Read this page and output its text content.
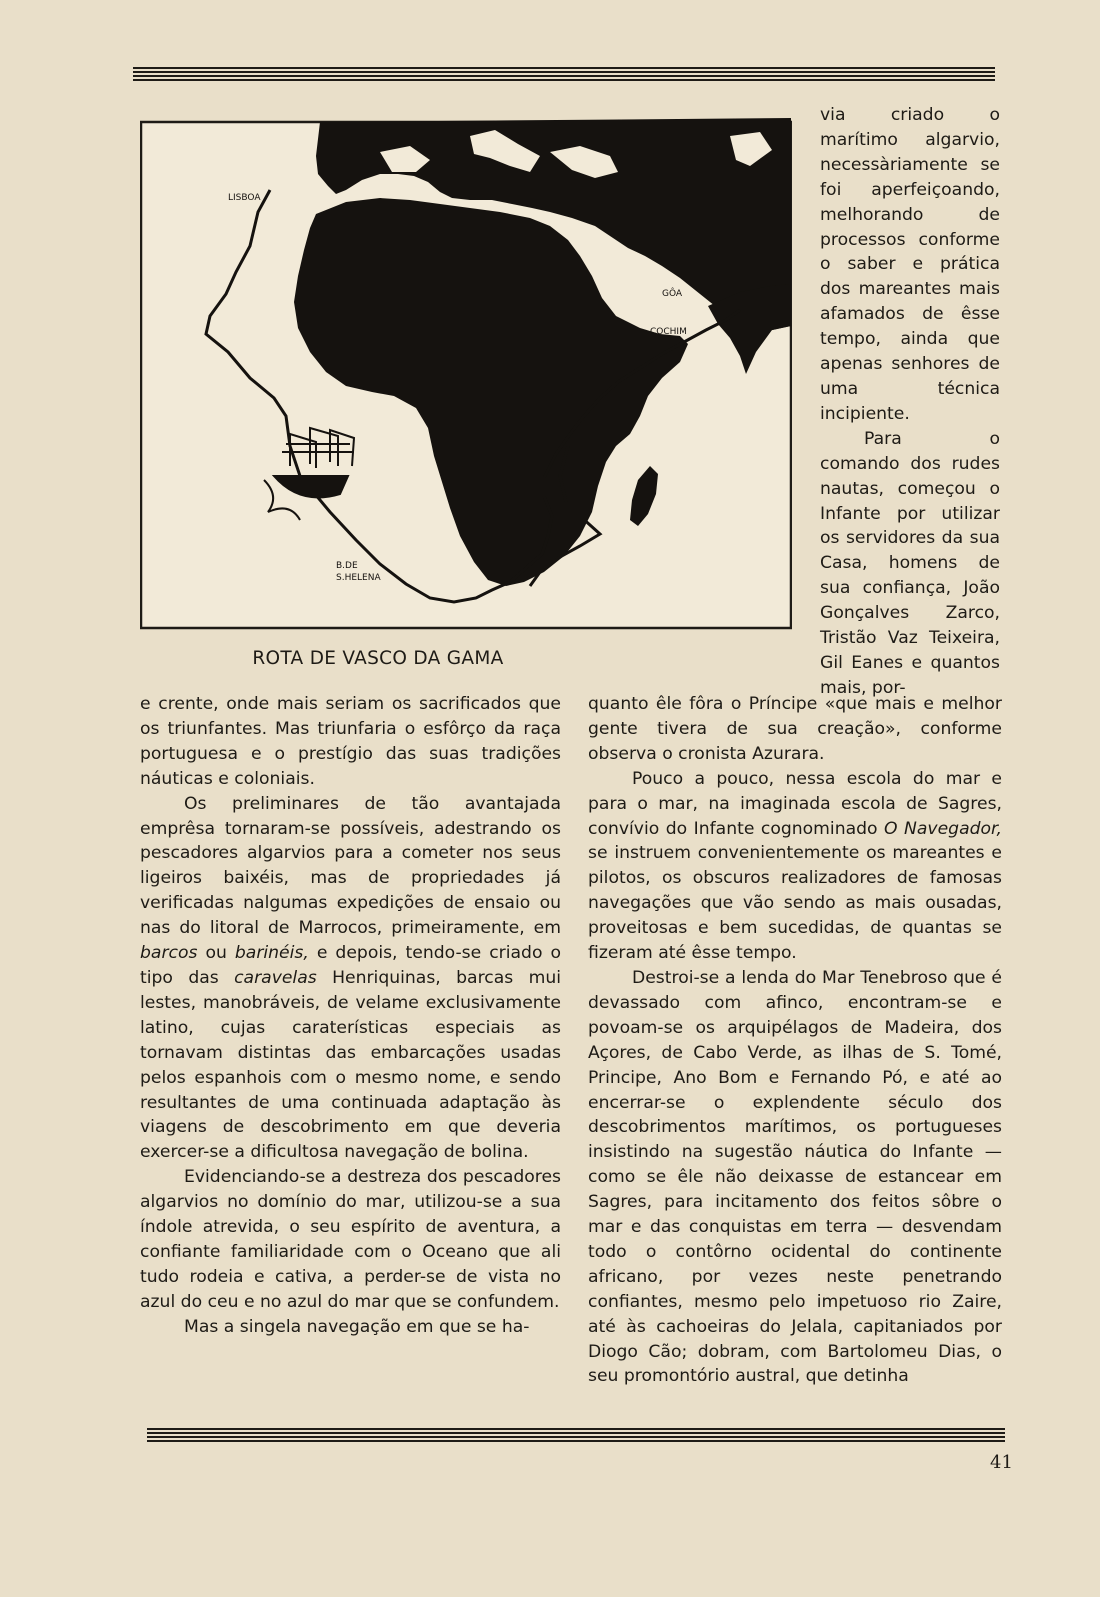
LISBOA
GÔA
COCHIM
B.DE
S.HELENA
ROTA DE VASCO DA GAMA

via criado o marítimo algarvio, necessàriamente se foi aperfeiçoando, melhorando de processos conforme o saber e prática dos mareantes mais afamados de êsse tempo, ainda que apenas senhores de uma técnica incipiente.

Para o comando dos rudes nautas, começou o Infante por utilizar os servidores da sua Casa, homens de sua confiança, João Gonçalves Zarco, Tristão Vaz Teixeira, Gil Eanes e quantos mais, por-

e crente, onde mais seriam os sacrificados que os triunfantes. Mas triunfaria o esfôrço da raça portuguesa e o prestígio das suas tradições náuticas e coloniais.

Os preliminares de tão avantajada emprêsa tornaram-se possíveis, adestrando os pescadores algarvios para a cometer nos seus ligeiros baixéis, mas de propriedades já verificadas nalgumas expedições de ensaio ou nas do litoral de Marrocos, primeiramente, em barcos ou barinéis, e depois, tendo-se criado o tipo das caravelas Henriquinas, barcas mui lestes, manobráveis, de velame exclusivamente latino, cujas caraterísticas especiais as tornavam distintas das embarcações usadas pelos espanhois com o mesmo nome, e sendo resultantes de uma continuada adaptação às viagens de descobrimento em que deveria exercer-se a dificultosa navegação de bolina.

Evidenciando-se a destreza dos pescadores algarvios no domínio do mar, utilizou-se a sua índole atrevida, o seu espírito de aventura, a confiante familiaridade com o Oceano que ali tudo rodeia e cativa, a perder-se de vista no azul do ceu e no azul do mar que se confundem.

Mas a singela navegação em que se ha-

quanto êle fôra o Príncipe «que mais e melhor gente tivera de sua creação», conforme observa o cronista Azurara.

Pouco a pouco, nessa escola do mar e para o mar, na imaginada escola de Sagres, convívio do Infante cognominado O Navegador, se instruem convenientemente os mareantes e pilotos, os obscuros realizadores de famosas navegações que vão sendo as mais ousadas, proveitosas e bem sucedidas, de quantas se fizeram até êsse tempo.

Destroi-se a lenda do Mar Tenebroso que é devassado com afinco, encontram-se e povoam-se os arquipélagos de Madeira, dos Açores, de Cabo Verde, as ilhas de S. Tomé, Principe, Ano Bom e Fernando Pó, e até ao encerrar-se o explendente século dos descobrimentos marítimos, os portugueses insistindo na sugestão náutica do Infante — como se êle não deixasse de estancear em Sagres, para incitamento dos feitos sôbre o mar e das conquistas em terra — desvendam todo o contôrno ocidental do continente africano, por vezes neste penetrando confiantes, mesmo pelo impetuoso rio Zaire, até às cachoeiras do Jelala, capitaniados por Diogo Cão; dobram, com Bartolomeu Dias, o seu promontório austral, que detinha

41
